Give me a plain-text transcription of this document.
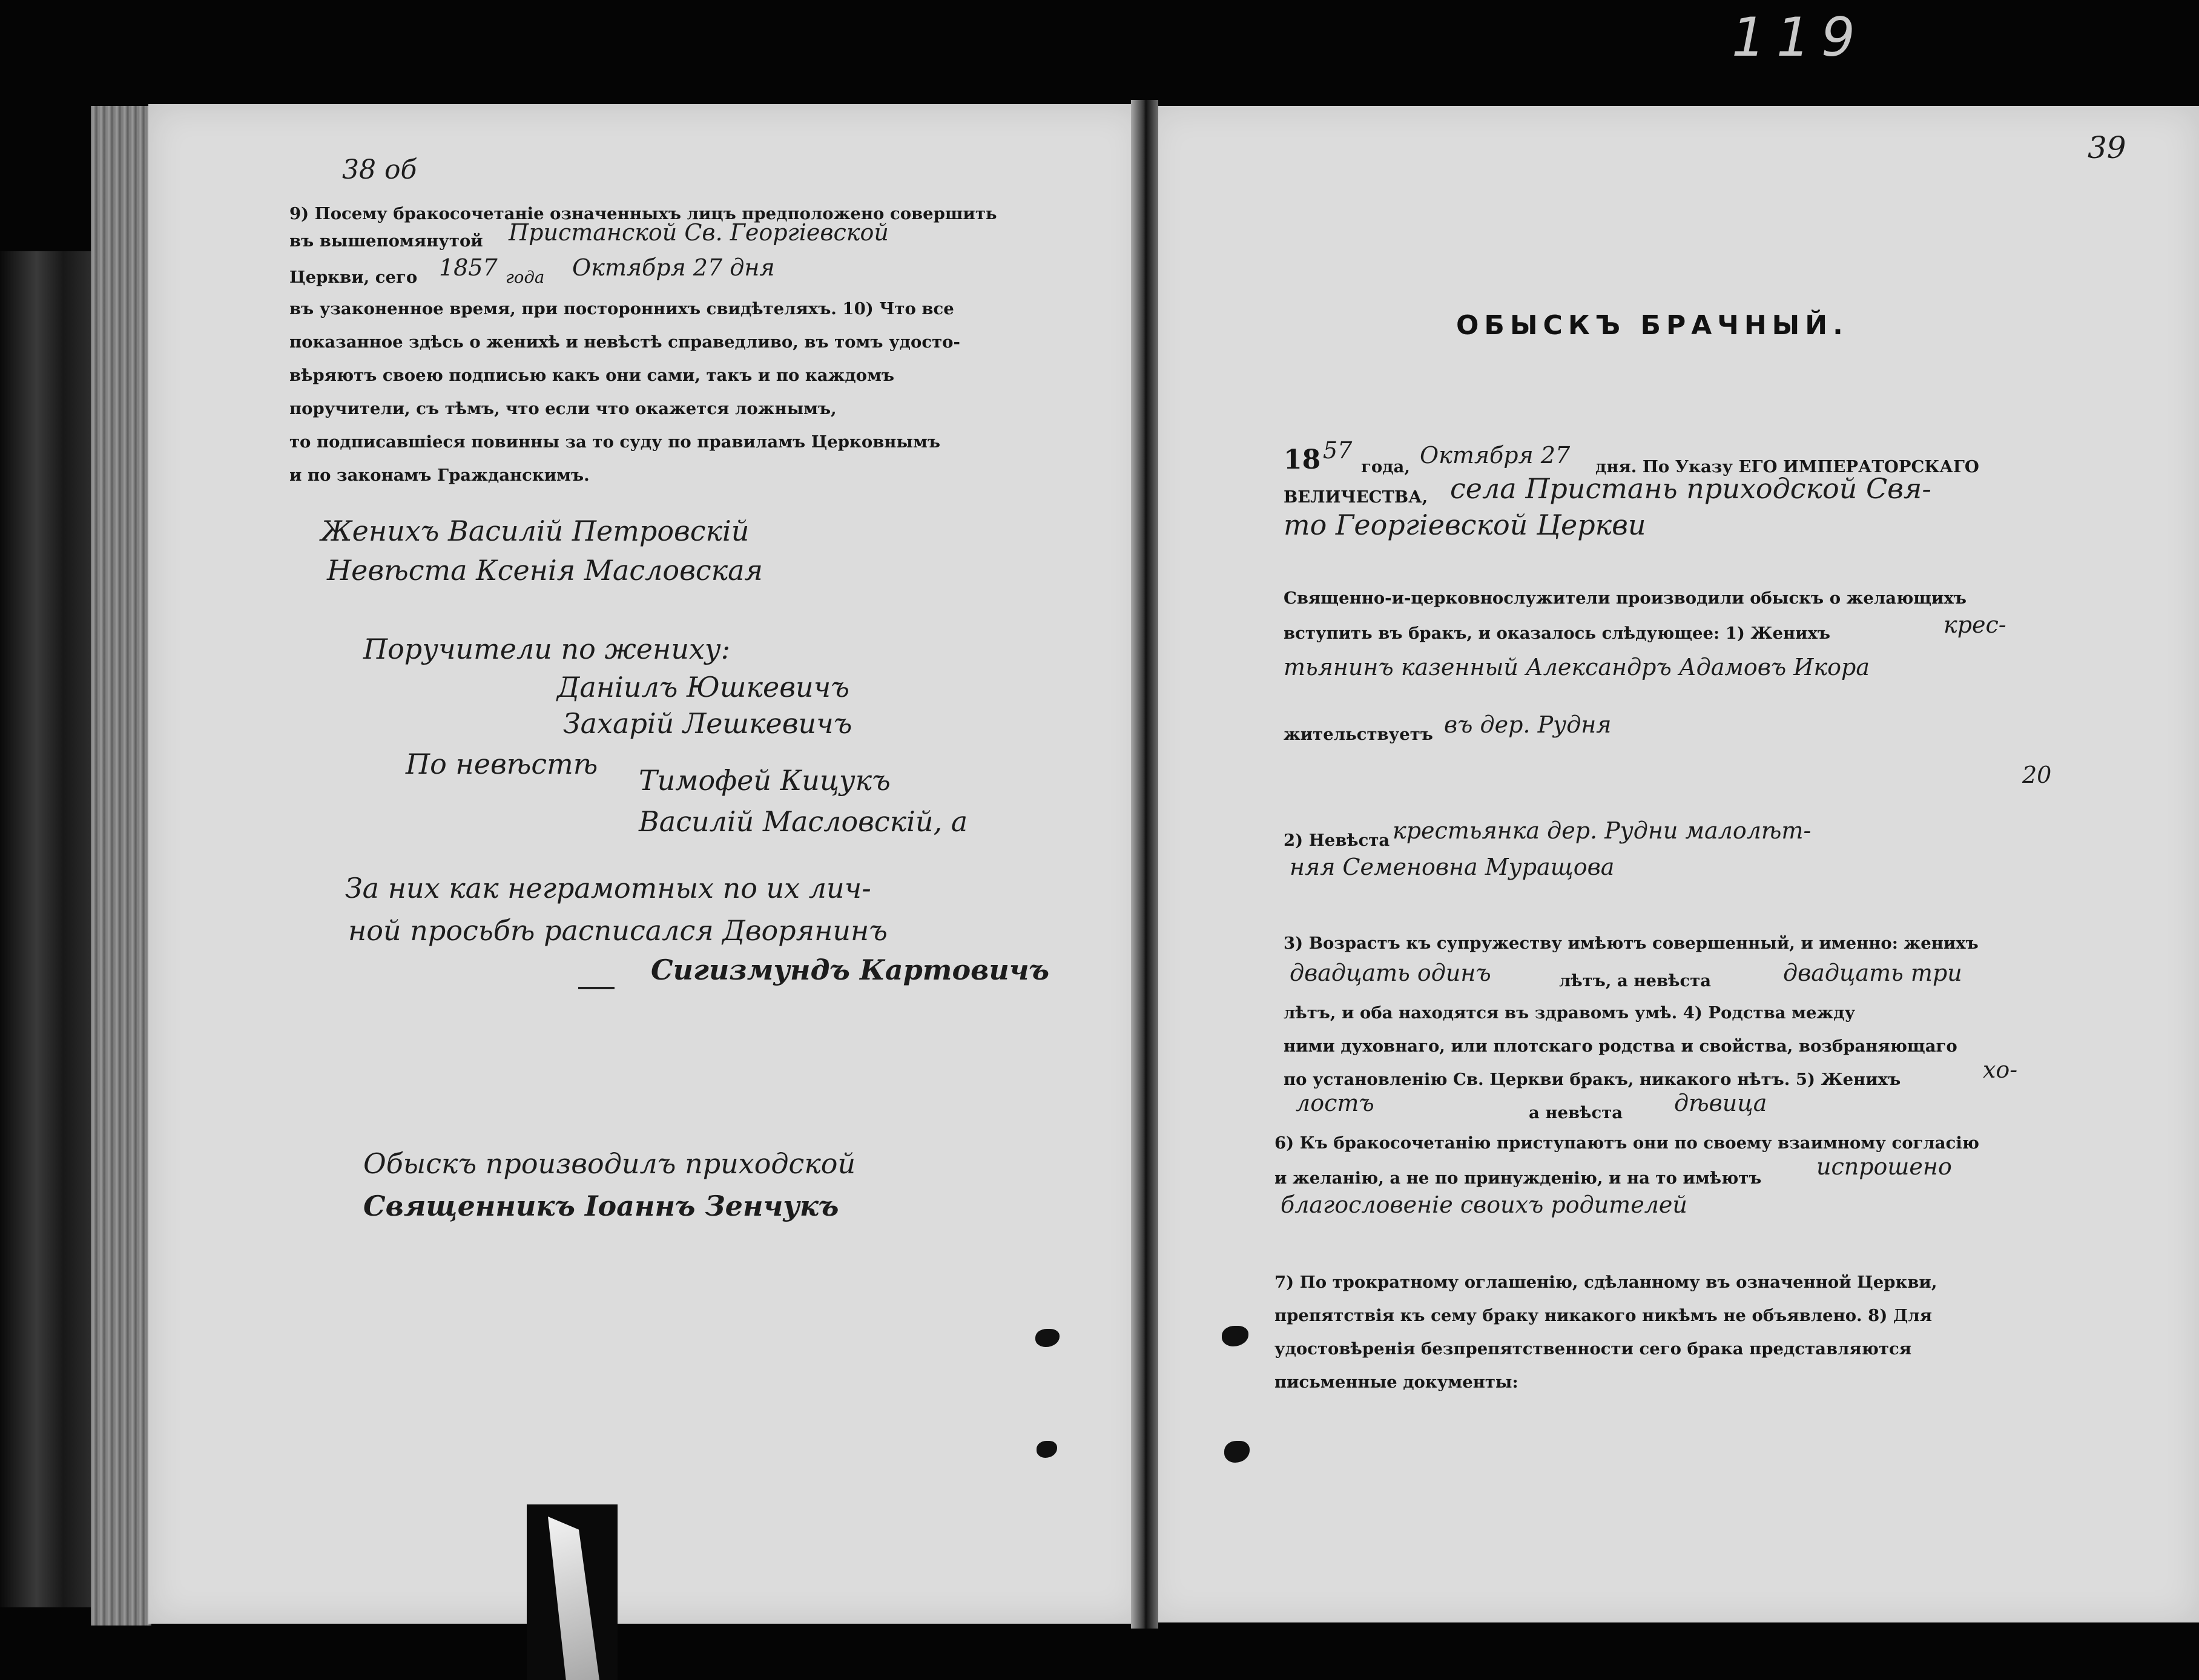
119
38 об
9) Посему бракосочетаніе означенныхъ лицъ предположено совершить
въ вышепомянутой Пристанской Св. Георгіевской
Церкви, сего 1857 года Октября 27 дня
въ узаконенное время, при постороннихъ свидѣтеляхъ. 10) Что все
показанное здѣсь о женихѣ и невѣстѣ справедливо, въ томъ удосто-
вѣряютъ своею подписью какъ они сами, такъ и по каждомъ
поручители, съ тѣмъ, что если что окажется ложнымъ,
то подписавшіеся повинны за то суду по правиламъ Церковнымъ
и по законамъ Гражданскимъ.
Женихъ Василій Петровскій
Невѣста Ксенія Масловская
Поручители по жениху:
Даніилъ Юшкевичъ
Захарій Лешкевичъ
По невѣстѣ Тимофей Кицукъ
Василій Масловскій, а
За них как неграмотных по их лич-
ной просьбѣ расписался Дворянинъ
Сигизмундъ Картовичъ
Обыскъ производилъ приходской
Священникъ Іоаннъ Зенчукъ
39
ОБЫСКЪ БРАЧНЫЙ.
18 57
года, Октября 27 дня. По Указу ЕГО ИМПЕРАТОРСКАГО
ВЕЛИЧЕСТВА, села Пристань приходской Свя-
то Георгіевской Церкви
Священно-и-церковнослужители производили обыскъ о желающихъ
вступить въ бракъ, и оказалось слѣдующее: 1) Женихъ	крес-
тьянинъ казенный Александръ Адамовъ Икора
жительствуетъ въ дер. Рудня
20
2) Невѣста крестьянка дер. Рудни малолѣт-
няя Семеновна Муращова
3) Возрастъ къ супружеству имѣютъ совершенный, и именно: женихъ
двадцать одинъ	лѣтъ, а невѣста	двадцать три
лѣтъ, и оба находятся въ здравомъ умѣ. 4) Родства между
ними духовнаго, или плотскаго родства и свойства, возбраняющаго
по установленію Св. Церкви бракъ, никакого нѣтъ. 5) Женихъ	хо-
лостъ	а невѣста дѣвица
6) Къ бракосочетанію приступаютъ они по своему взаимному согласію
и желанію, а не по принужденію, и на то имѣютъ испрошено
благословеніе своихъ родителей
7) По трократному оглашенію, сдѣланному въ означенной Церкви,
препятствія къ сему браку никакого никѣмъ не объявлено. 8) Для
удостовѣренія безпрепятственности сего брака представляются
письменные документы:
